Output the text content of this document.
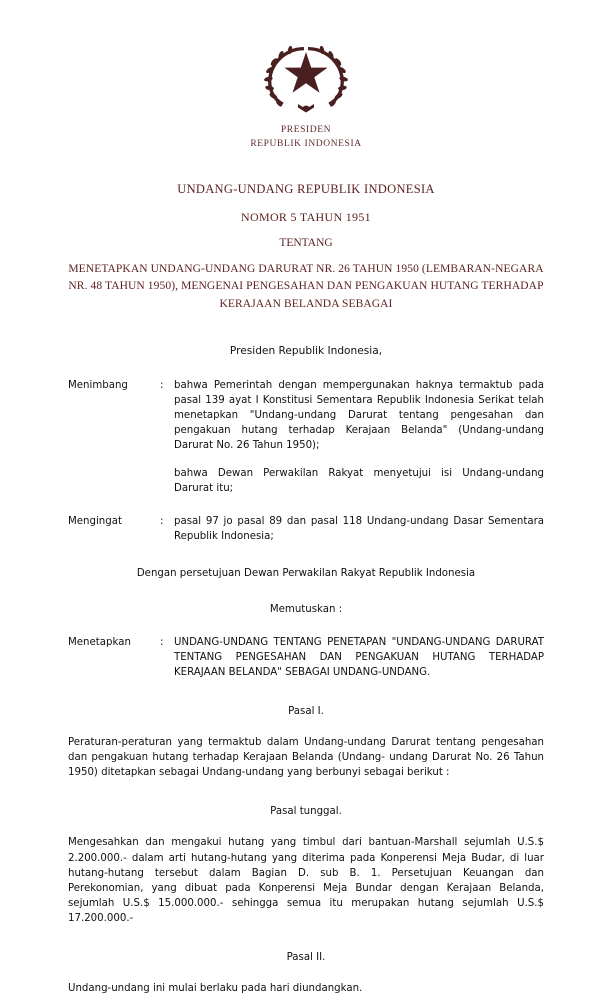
PRESIDEN
REPUBLIK INDONESIA
UNDANG-UNDANG REPUBLIK INDONESIA
NOMOR 5 TAHUN 1951
TENTANG
MENETAPKAN UNDANG-UNDANG DARURAT NR. 26 TAHUN 1950 (LEMBARAN-NEGARA NR. 48 TAHUN 1950), MENGENAI PENGESAHAN DAN PENGAKUAN HUTANG TERHADAP KERAJAAN BELANDA SEBAGAI
Presiden Republik Indonesia,
Menimbang	:	bahwa Pemerintah dengan mempergunakan haknya termaktub pada pasal 139 ayat I Konstitusi Sementara Republik Indonesia Serikat telah menetapkan "Undang-undang Darurat tentang pengesahan dan pengakuan hutang terhadap Kerajaan Belanda" (Undang-undang Darurat No. 26 Tahun 1950);

bahwa Dewan Perwakilan Rakyat menyetujui isi Undang-undang Darurat itu;

Mengingat	:	pasal 97 jo pasal 89 dan pasal 118 Undang-undang Dasar Sementara Republik Indonesia;

Dengan persetujuan Dewan Perwakilan Rakyat Republik Indonesia
Memutuskan :
Menetapkan	:	UNDANG-UNDANG TENTANG PENETAPAN "UNDANG-UNDANG DARURAT TENTANG PENGESAHAN DAN PENGAKUAN HUTANG TERHADAP KERAJAAN BELANDA" SEBAGAI UNDANG-UNDANG.

Pasal I.
Peraturan-peraturan yang termaktub dalam Undang-undang Darurat tentang pengesahan dan pengakuan hutang terhadap Kerajaan Belanda (Undang- undang Darurat No. 26 Tahun 1950) ditetapkan sebagai Undang-undang yang berbunyi sebagai berikut :
Pasal tunggal.
Mengesahkan dan mengakui hutang yang timbul dari bantuan-Marshall sejumlah U.S.$ 2.200.000.- dalam arti hutang-hutang yang diterima pada Konperensi Meja Budar, di luar hutang-hutang tersebut dalam Bagian D. sub B. 1. Persetujuan Keuangan dan Perekonomian, yang dibuat pada Konperensi Meja Bundar dengan Kerajaan Belanda, sejumlah U.S.$ 15.000.000.- sehingga semua itu merupakan hutang sejumlah U.S.$ 17.200.000.-
Pasal II.
Undang-undang ini mulai berlaku pada hari diundangkan.
